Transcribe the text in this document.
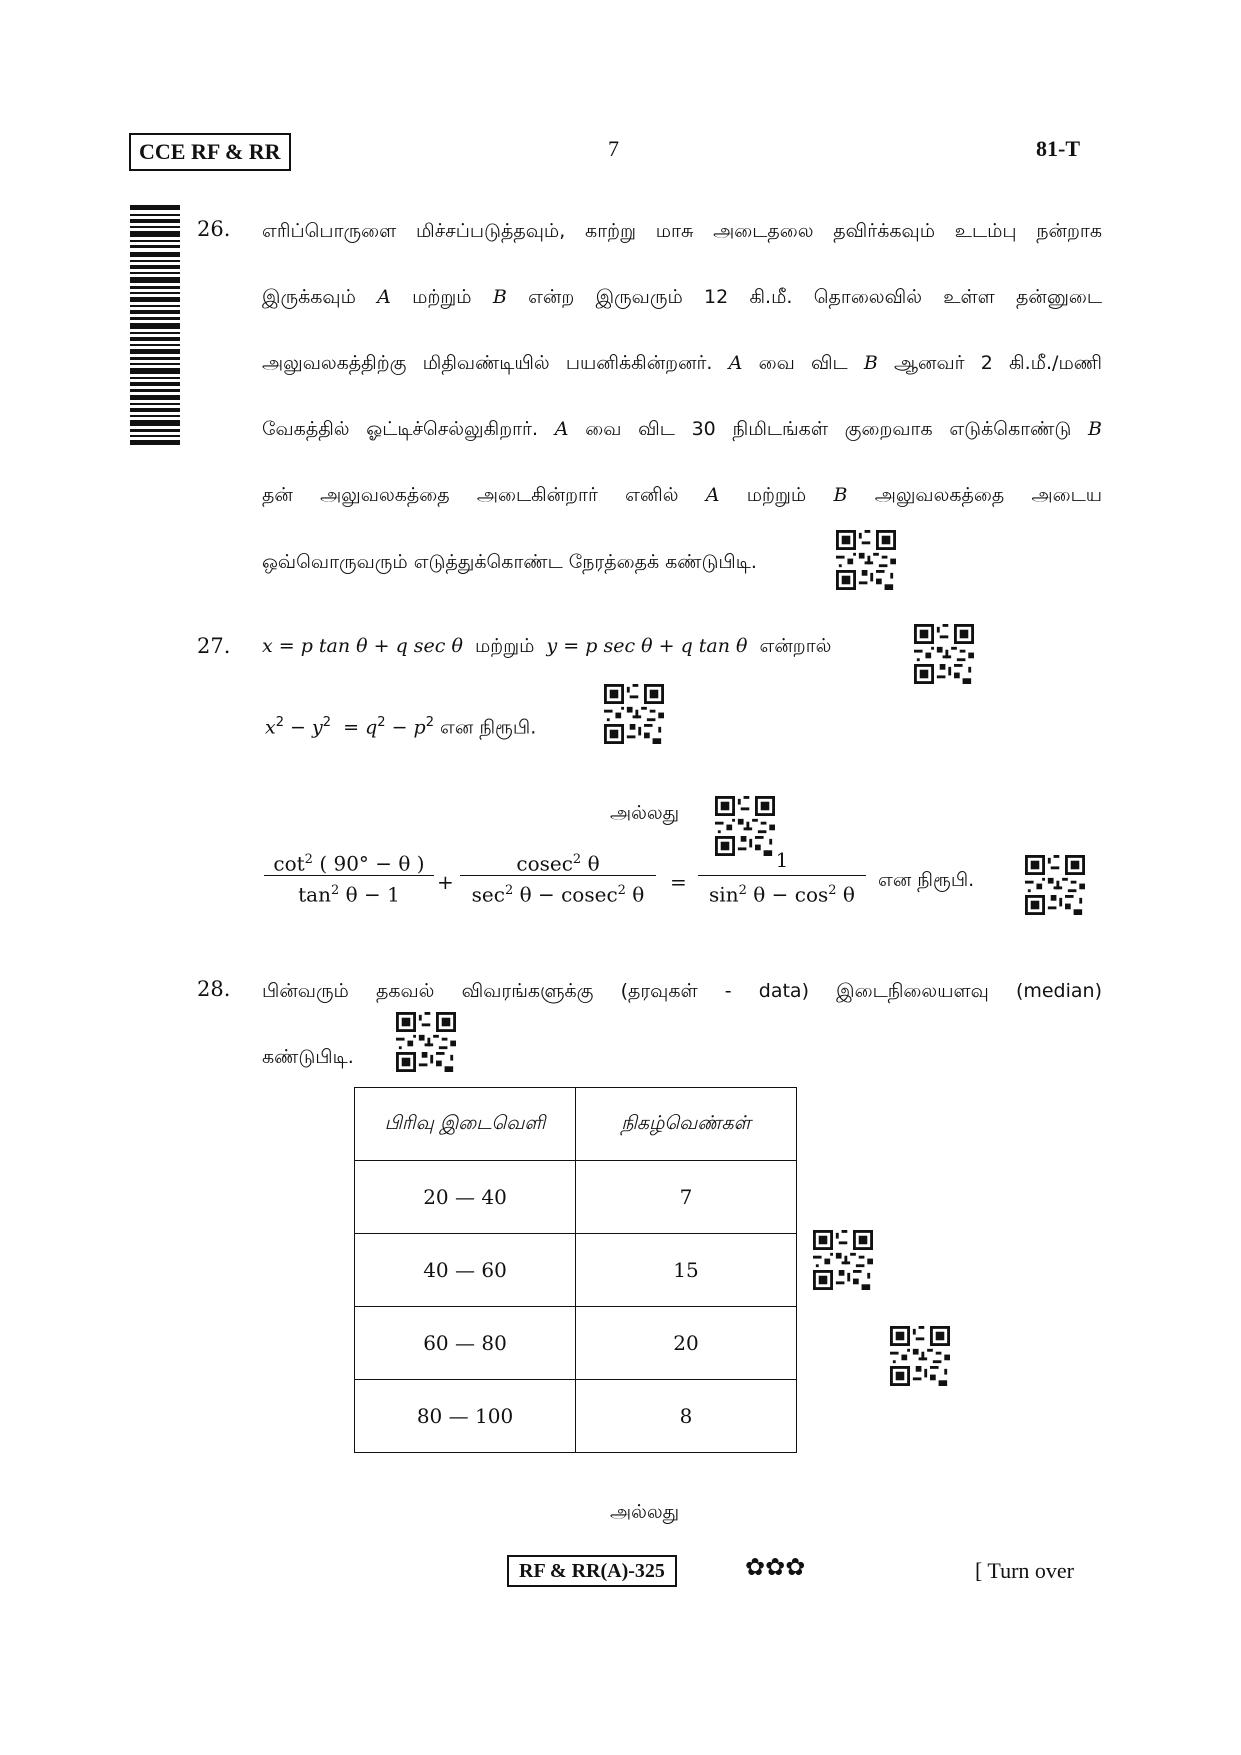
CCE RF & RR	7	81-T
26. எரிப்பொருளை மிச்சப்படுத்தவும், காற்று மாசு அடைதலை தவிர்க்கவும் உடம்பு நன்றாக
இருக்கவும் A மற்றும் B என்ற இருவரும் 12 கி.மீ. தொலைவில் உள்ள தன்னுடை
அலுவலகத்திற்கு மிதிவண்டியில் பயனிக்கின்றனர். A வை விட B ஆனவர் 2 கி.மீ./மணி
வேகத்தில் ஓட்டிச்செல்லுகிறார். A வை விட 30 நிமிடங்கள் குறைவாக எடுக்கொண்டு B
தன் அலுவலகத்தை அடைகின்றார் எனில் A மற்றும் B அலுவலகத்தை அடைய
ஒவ்வொருவரும் எடுத்துக்கொண்ட நேரத்தைக் கண்டுபிடி.
27. x = p tan θ + q sec θ மற்றும் y = p sec θ + q tan θ என்றால்
$x^2 - y^2 = q^2 - p^2$ என நிரூபி.
அல்லது
$\cot^2$ ( 90° − θ )
$\tan^2 \theta - 1$
+
cosec$^2$ θ
$\sec^2 \theta - cosec^2$ θ
=
1
$\sin^2 \theta - \cos^2 \theta$
என நிரூபி.
28. பின்வரும் தகவல் விவரங்களுக்கு (தரவுகள் - data) இடைநிலையளவு (median)
கண்டுபிடி.
பிரிவு இடைவெளி	நிகழ்வெண்கள்
20 — 40	7
40 — 60	15
60 — 80	20
80 — 100	8
அல்லது
RF & RR(A)-325	✿✿✿	[ Turn over
